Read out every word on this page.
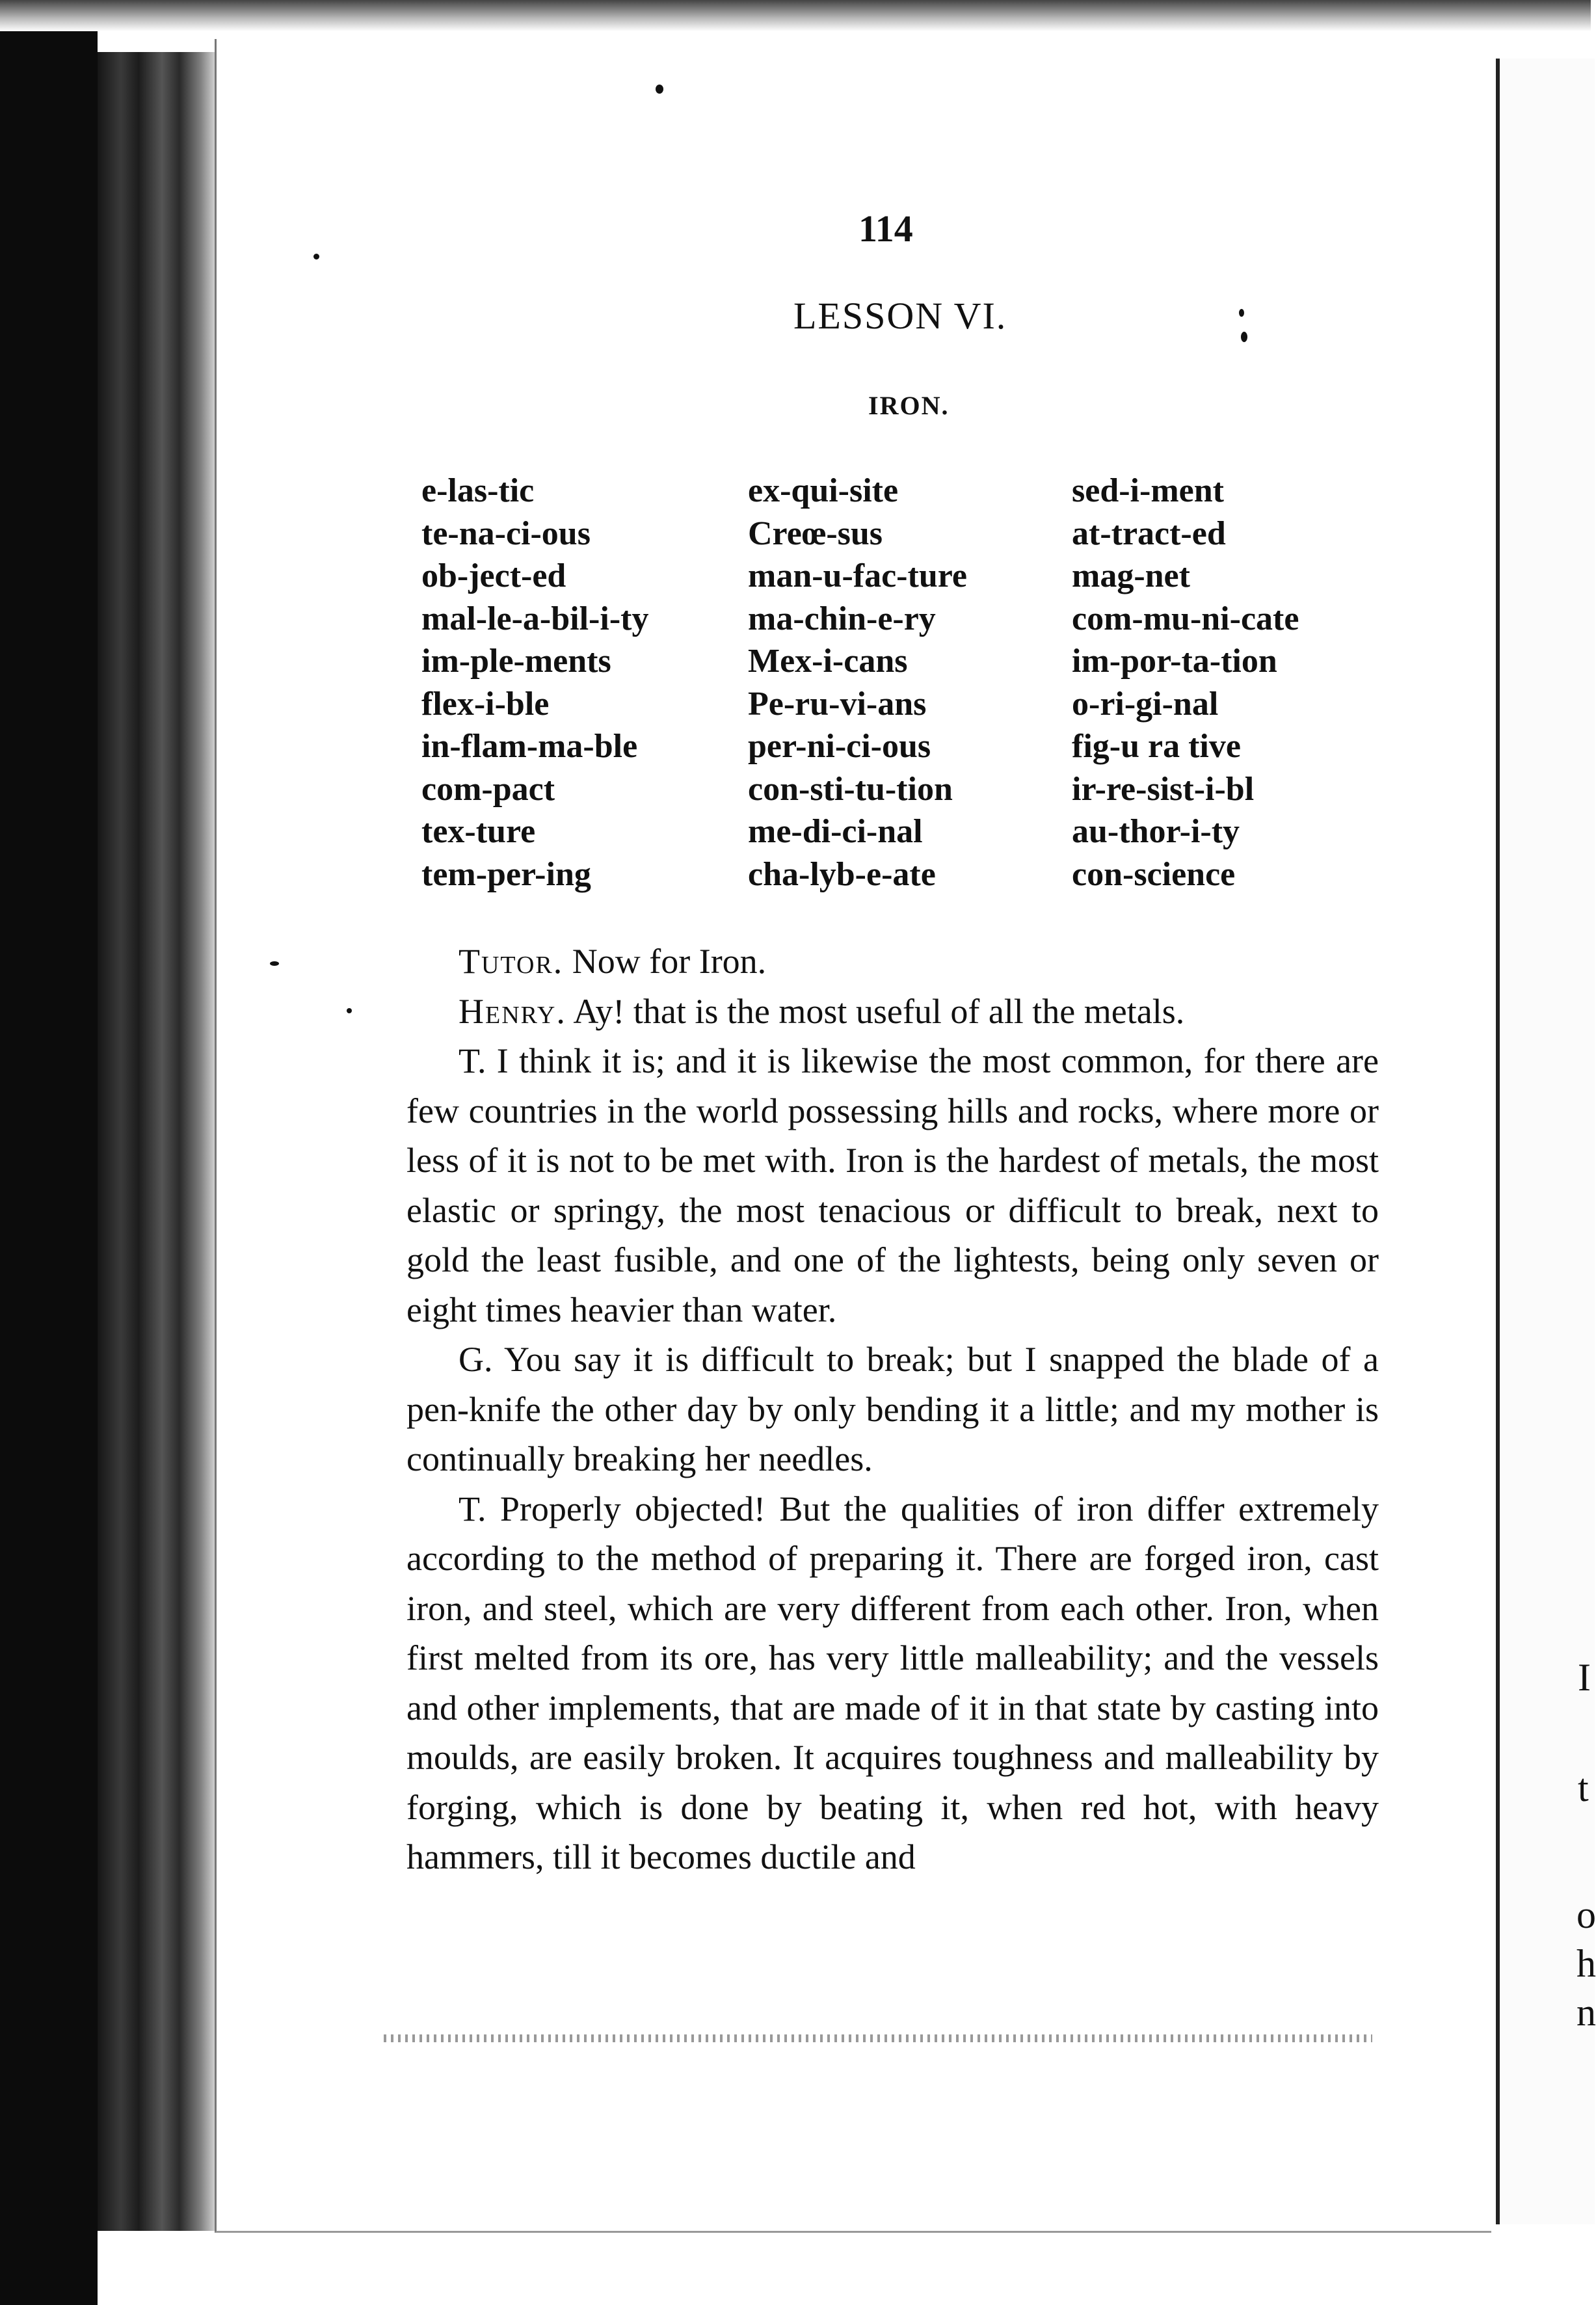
I
t
o
h
n
114
LESSON VI.
IRON.
e-las-tic
te-na-ci-ous
ob-ject-ed
mal-le-a-bil-i-ty
im-ple-ments
flex-i-ble
in-flam-ma-ble
com-pact
tex-ture
tem-per-ing
ex-qui-site
Creœ-sus
man-u-fac-ture
ma-chin-e-ry
Mex-i-cans
Pe-ru-vi-ans
per-ni-ci-ous
con-sti-tu-tion
me-di-ci-nal
cha-lyb-e-ate
sed-i-ment
at-tract-ed
mag-net
com-mu-ni-cate
im-por-ta-tion
o-ri-gi-nal
fig-u ra tive
ir-re-sist-i-bl
au-thor-i-ty
con-science

Tutor. Now for Iron.

Henry. Ay! that is the most useful of all the metals.

T. I think it is; and it is likewise the most common, for there are few countries in the world possessing hills and rocks, where more or less of it is not to be met with. Iron is the hardest of metals, the most elastic or springy, the most tenacious or difficult to break, next to gold the least fusible, and one of the lightests, being only seven or eight times heavier than water.

G. You say it is difficult to break; but I snapped the blade of a pen-knife the other day by only bending it a little; and my mother is continually breaking her needles.

T. Properly objected! But the qualities of iron differ extremely according to the method of preparing it. There are forged iron, cast iron, and steel, which are very different from each other. Iron, when first melted from its ore, has very little malleability; and the vessels and other implements, that are made of it in that state by casting into moulds, are easily broken. It acquires toughness and malleability by forging, which is done by beating it, when red hot, with heavy hammers, till it becomes ductile and
